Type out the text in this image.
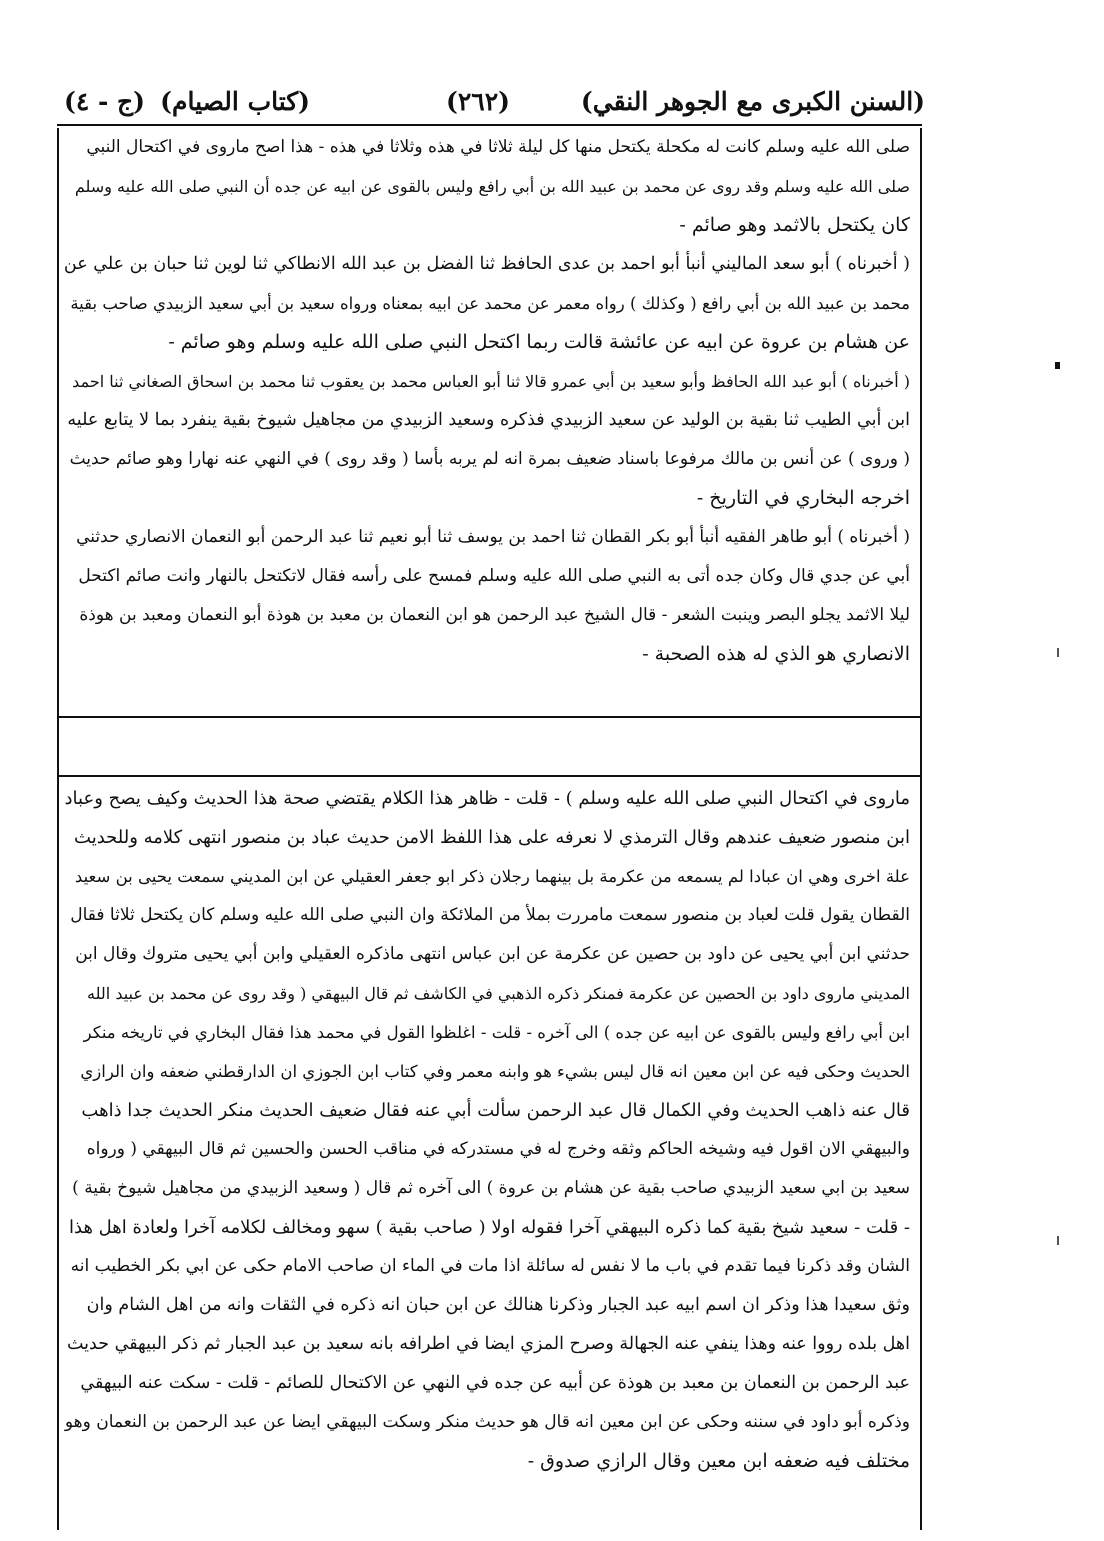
(السنن الكبرى مع الجوهر النقي)
(٢٦٢)
(كتاب الصيام)
(ج - ٤)

صلى الله عليه وسلم كانت له مكحلة يكتحل منها كل ليلة ثلاثا في هذه وثلاثا في هذه - هذا اصح ماروى في اكتحال النبي

صلى الله عليه وسلم وقد روى عن محمد بن عبيد الله بن أبي رافع وليس بالقوى عن ابيه عن جده أن النبي صلى الله عليه وسلم

كان يكتحل بالاثمد وهو صائم -

( أخبرناه ) أبو سعد الماليني أنبأ أبو احمد بن عدى الحافظ ثنا الفضل بن عبد الله الانطاكي ثنا لوين ثنا حبان بن علي عن

محمد بن عبيد الله بن أبي رافع ( وكذلك ) رواه معمر عن محمد عن ابيه بمعناه ورواه سعيد بن أبي سعيد الزبيدي صاحب بقية

عن هشام بن عروة عن ابيه عن عائشة قالت ربما اكتحل النبي صلى الله عليه وسلم وهو صائم -

( أخبرناه ) أبو عبد الله الحافظ وأبو سعيد بن أبي عمرو قالا ثنا أبو العباس محمد بن يعقوب ثنا محمد بن اسحاق الصغاني ثنا احمد

ابن أبي الطيب ثنا بقية بن الوليد عن سعيد الزبيدي فذكره وسعيد الزبيدي من مجاهيل شيوخ بقية ينفرد بما لا يتابع عليه

( وروى ) عن أنس بن مالك مرفوعا باسناد ضعيف بمرة انه لم يربه بأسا ( وقد روى ) في النهي عنه نهارا وهو صائم حديث

اخرجه البخاري في التاريخ -

( أخبرناه ) أبو طاهر الفقيه أنبأ أبو بكر القطان ثنا احمد بن يوسف ثنا أبو نعيم ثنا عبد الرحمن أبو النعمان الانصاري حدثني

أبي عن جدي قال وكان جده أتى به النبي صلى الله عليه وسلم فمسح على رأسه فقال لاتكتحل بالنهار وانت صائم اكتحل

ليلا الاثمد يجلو البصر وينبت الشعر - قال الشيخ عبد الرحمن هو ابن النعمان بن معبد بن هوذة أبو النعمان ومعبد بن هوذة

الانصاري هو الذي له هذه الصحبة -

ماروى في اكتحال النبي صلى الله عليه وسلم ) - قلت - ظاهر هذا الكلام يقتضي صحة هذا الحديث وكيف يصح وعباد

ابن منصور ضعيف عندهم وقال الترمذي لا نعرفه على هذا اللفظ الامن حديث عباد بن منصور انتهى كلامه وللحديث

علة اخرى وهي ان عبادا لم يسمعه من عكرمة بل بينهما رجلان ذكر ابو جعفر العقيلي عن ابن المديني سمعت يحيى بن سعيد

القطان يقول قلت لعباد بن منصور سمعت مامررت بملأ من الملائكة وان النبي صلى الله عليه وسلم كان يكتحل ثلاثا فقال

حدثني ابن أبي يحيى عن داود بن حصين عن عكرمة عن ابن عباس انتهى ماذكره العقيلي وابن أبي يحيى متروك وقال ابن

المديني ماروى داود بن الحصين عن عكرمة فمنكر ذكره الذهبي في الكاشف ثم قال البيهقي ( وقد روى عن محمد بن عبيد الله

ابن أبي رافع وليس بالقوى عن ابيه عن جده ) الى آخره - قلت - اغلظوا القول في محمد هذا فقال البخاري في تاريخه منكر

الحديث وحكى فيه عن ابن معين انه قال ليس بشيء هو وابنه معمر وفي كتاب ابن الجوزي ان الدارقطني ضعفه وان الرازي

قال عنه ذاهب الحديث وفي الكمال قال عبد الرحمن سألت أبي عنه فقال ضعيف الحديث منكر الحديث جدا ذاهب

والبيهقي الان اقول فيه وشيخه الحاكم وثقه وخرج له في مستدركه في مناقب الحسن والحسين ثم قال البيهقي ( ورواه

سعيد بن ابي سعيد الزبيدي صاحب بقية عن هشام بن عروة ) الى آخره ثم قال ( وسعيد الزبيدي من مجاهيل شيوخ بقية )

- قلت - سعيد شيخ بقية كما ذكره البيهقي آخرا فقوله اولا ( صاحب بقية ) سهو ومخالف لكلامه آخرا ولعادة اهل هذا

الشان وقد ذكرنا فيما تقدم في باب ما لا نفس له سائلة اذا مات في الماء ان صاحب الامام حكى عن ابي بكر الخطيب انه

وثق سعيدا هذا وذكر ان اسم ابيه عبد الجبار وذكرنا هنالك عن ابن حبان انه ذكره في الثقات وانه من اهل الشام وان

اهل بلده رووا عنه وهذا ينفي عنه الجهالة وصرح المزي ايضا في اطرافه بانه سعيد بن عبد الجبار ثم ذكر البيهقي حديث

عبد الرحمن بن النعمان بن معبد بن هوذة عن أبيه عن جده في النهي عن الاكتحال للصائم - قلت - سكت عنه البيهقي

وذكره أبو داود في سننه وحكى عن ابن معين انه قال هو حديث منكر وسكت البيهقي ايضا عن عبد الرحمن بن النعمان وهو

مختلف فيه ضعفه ابن معين وقال الرازي صدوق -
